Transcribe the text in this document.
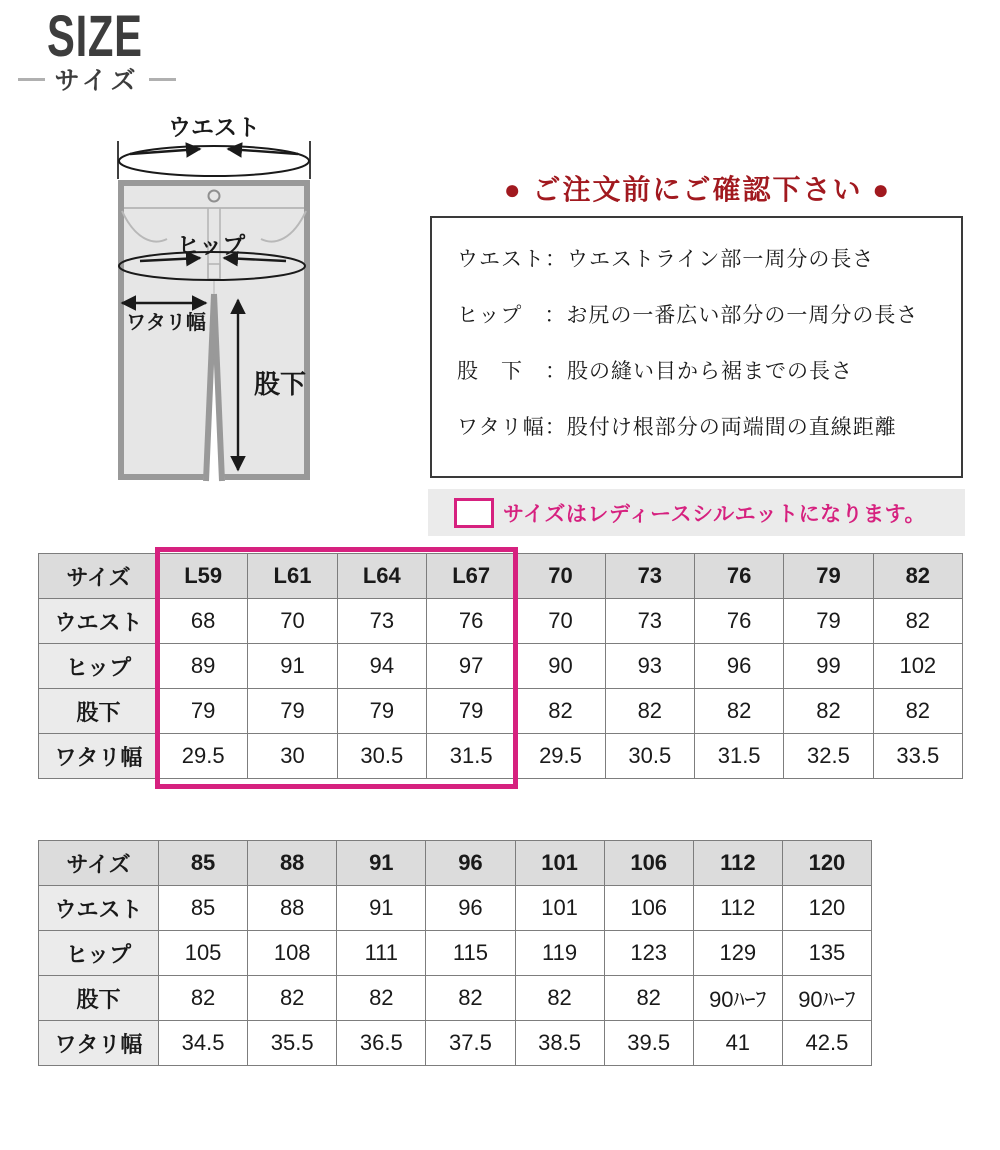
SIZE
サイズ
ウエスト
ヒップ
ワタリ幅
股下
● ご注文前にご確認下さい ●
ウエスト：ウエストライン部一周分の長さ
ヒップ　：お尻の一番広い部分の一周分の長さ
股　下　：股の縫い目から裾までの長さ
ワタリ幅：股付け根部分の両端間の直線距離
サイズはレディースシルエットになります。
サイズ	L59	L61	L64	L67	70	73	76	79	82
ウエスト	68	70	73	76	70	73	76	79	82
ヒップ	89	91	94	97	90	93	96	99	102
股下	79	79	79	79	82	82	82	82	82
ワタリ幅	29.5	30	30.5	31.5	29.5	30.5	31.5	32.5	33.5
サイズ	85	88	91	96	101	106	112	120
ウエスト	85	88	91	96	101	106	112	120
ヒップ	105	108	111	115	119	123	129	135
股下	82	82	82	82	82	82	90ﾊｰﾌ	90ﾊｰﾌ
ワタリ幅	34.5	35.5	36.5	37.5	38.5	39.5	41	42.5
